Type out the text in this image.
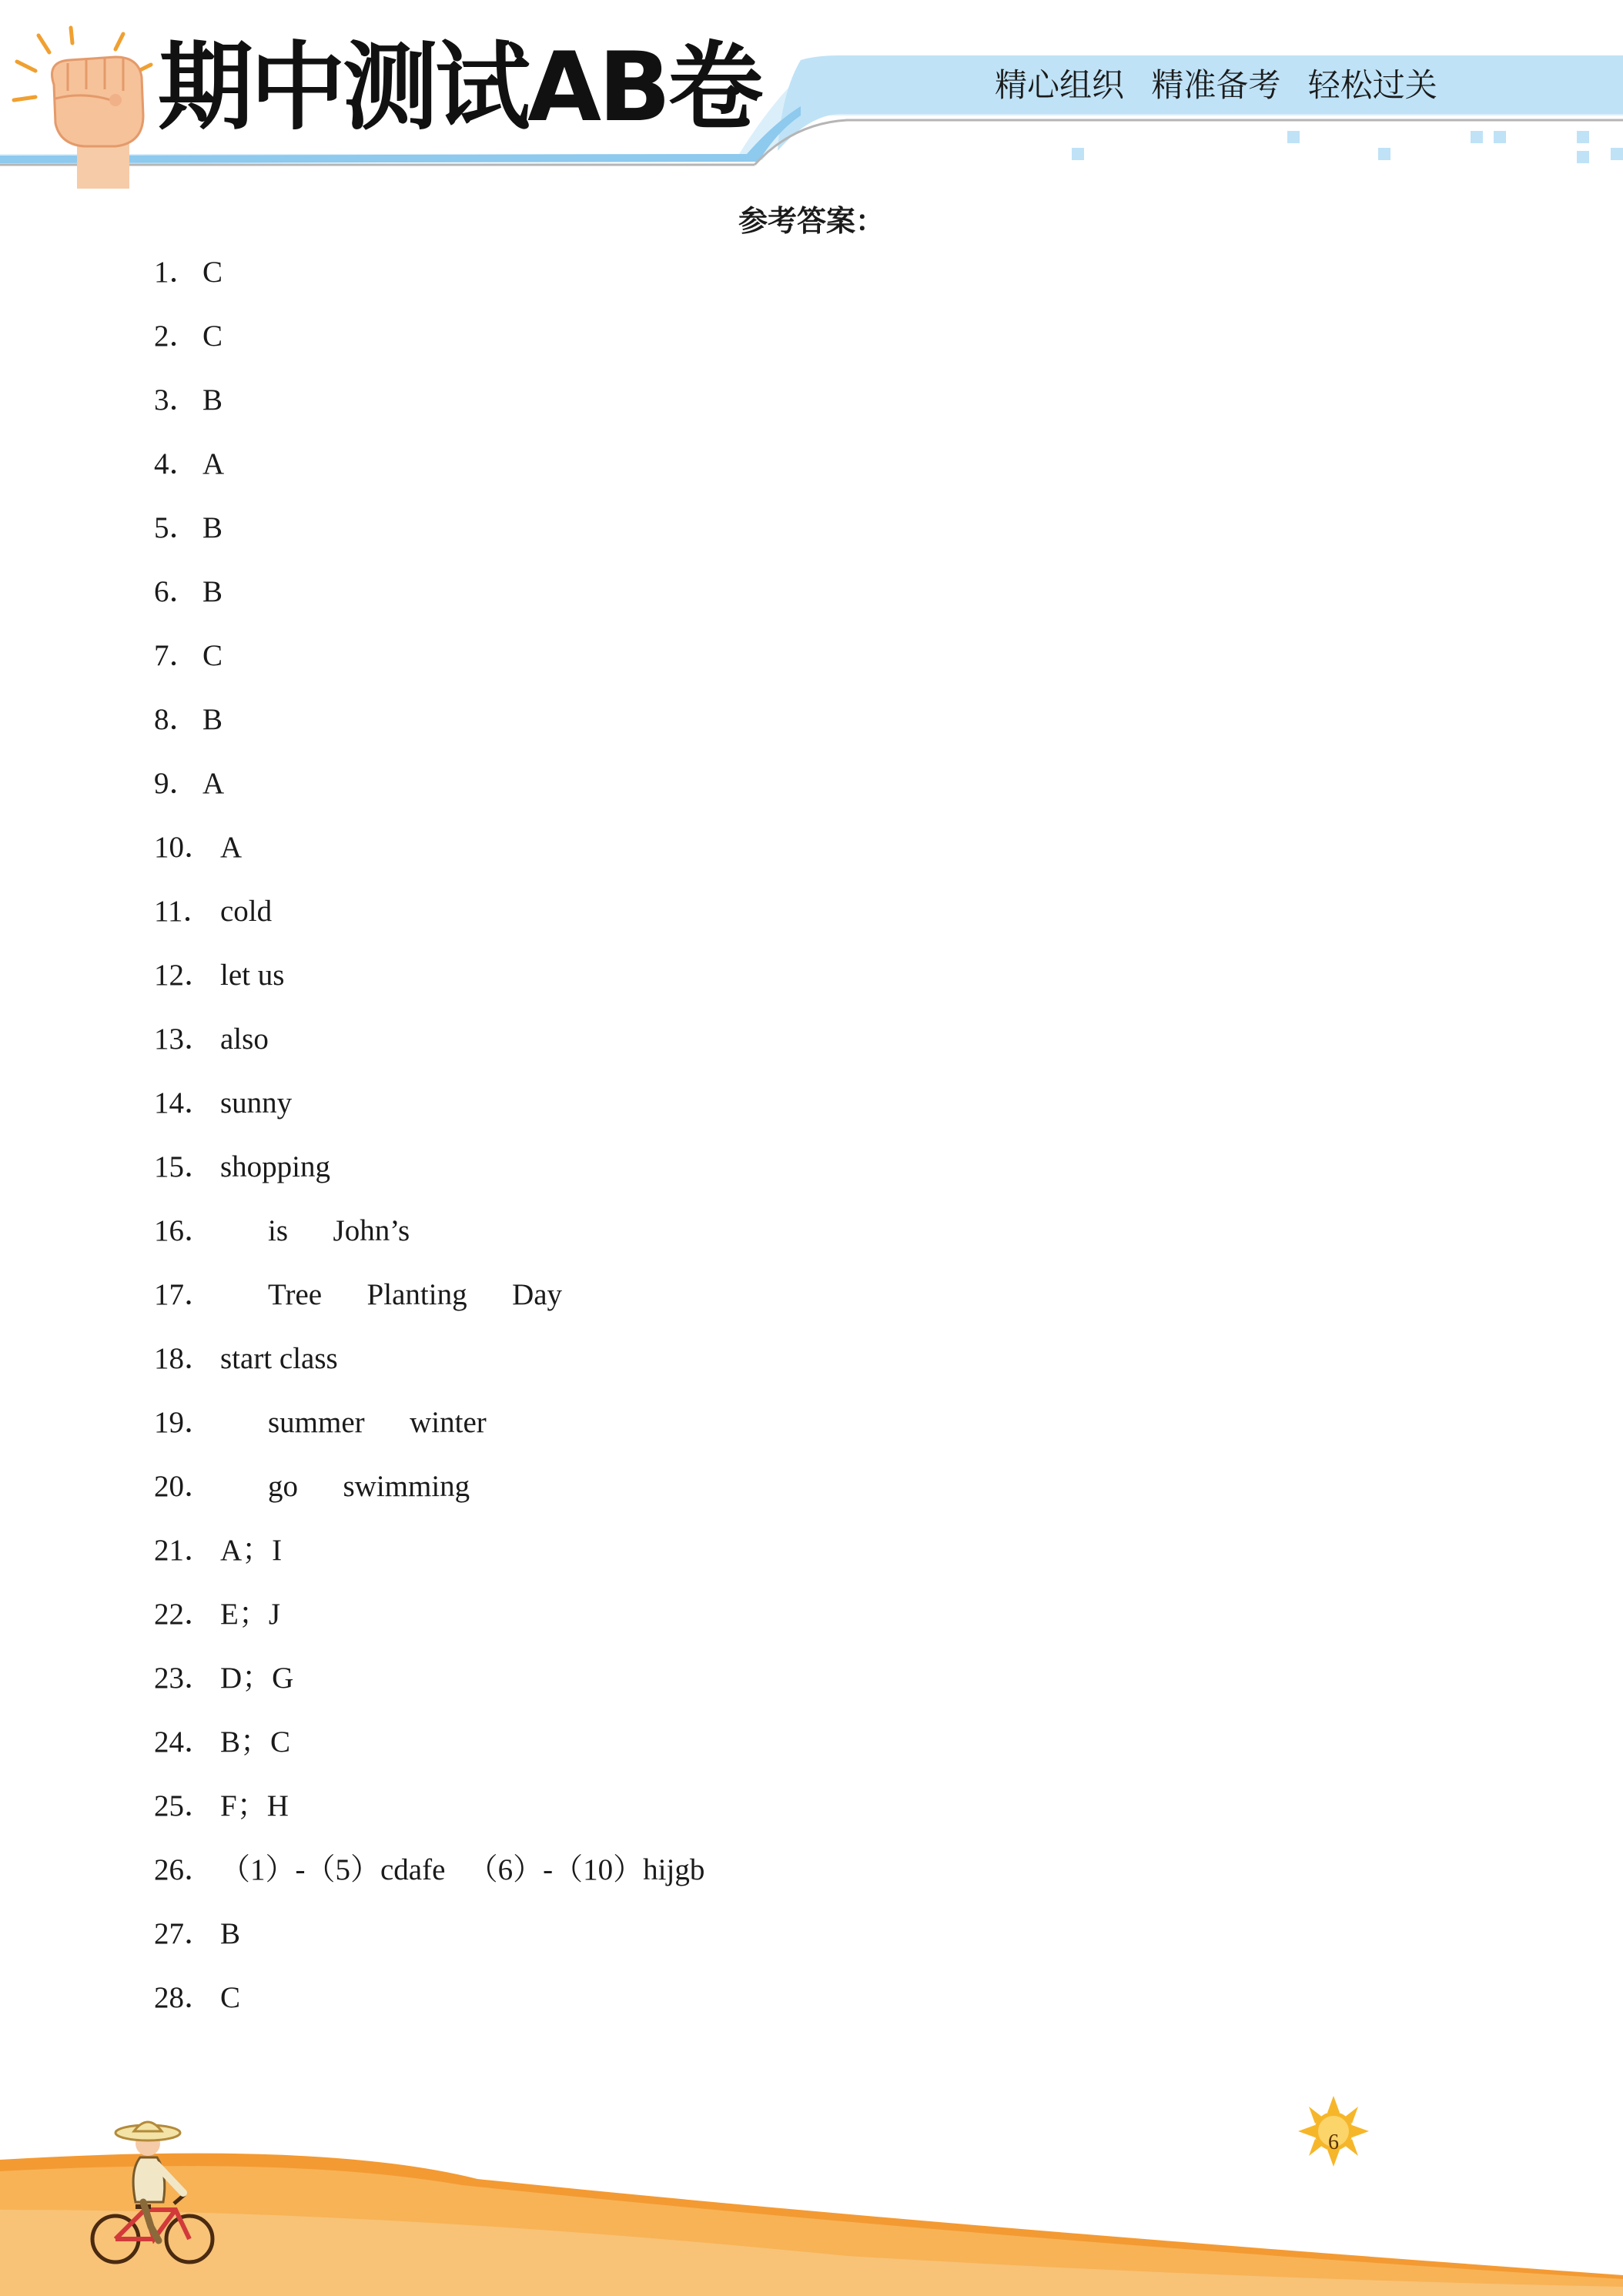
期中测试AB卷	精心组织 精准备考 轻松过关
参考答案：
1． C
2． C
3． B
4． A
5． B
6． B
7． C
8． B
9． A
10． A
11． cold
12． let us
13． also
14． sunny
15． shopping
16． is      John’s
17． Tree      Planting      Day
18． start class
19． summer      winter
20． go      swimming
21． A；I
22． E；J
23． D；G
24． B；C
25． F；H
26． （1）-（5）cdafe   （6）-（10）hijgb
27． B
28． C
6
